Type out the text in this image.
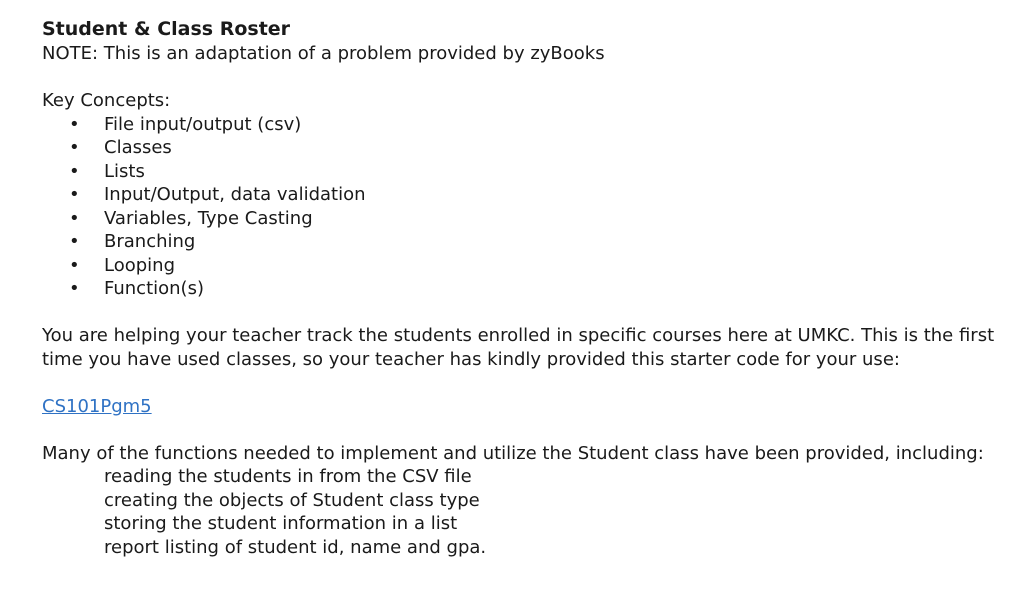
Student & Class Roster

NOTE: This is an adaptation of a problem provided by zyBooks

Key Concepts:

• File input/output (csv)
• Classes
• Lists
• Input/Output, data validation
• Variables, Type Casting
• Branching
• Looping
• Function(s)

You are helping your teacher track the students enrolled in specific courses here at UMKC. This is the first time you have used classes, so your teacher has kindly provided this starter code for your use:

CS101Pgm5

Many of the functions needed to implement and utilize the Student class have been provided, including:

reading the students in from the CSV file
creating the objects of Student class type
storing the student information in a list
report listing of student id, name and gpa.
